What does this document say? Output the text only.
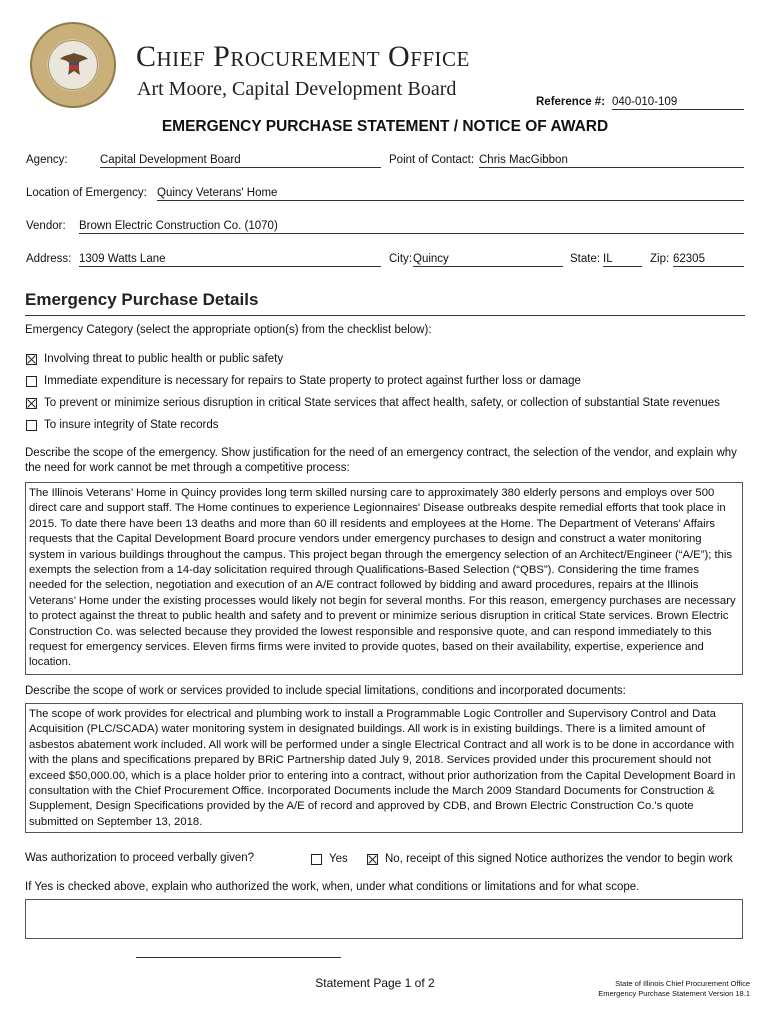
Chief Procurement Office
Art Moore, Capital Development Board
Reference #: 040-010-109
EMERGENCY PURCHASE STATEMENT / NOTICE OF AWARD
Agency:	Capital Development Board	Point of Contact: Chris MacGibbon
Location of Emergency: Quincy Veterans' Home
Vendor: Brown Electric Construction Co. (1070)
Address: 1309 Watts Lane	City: Quincy	State: IL	Zip: 62305
Emergency Purchase Details
Emergency Category (select the appropriate option(s) from the checklist below):
Involving threat to public health or public safety
Immediate expenditure is necessary for repairs to State property to protect against further loss or damage
To prevent or minimize serious disruption in critical State services that affect health, safety, or collection of substantial State revenues
To insure integrity of State records
Describe the scope of the emergency. Show justification for the need of an emergency contract, the selection of the vendor, and explain why the need for work cannot be met through a competitive process:
The Illinois Veterans’ Home in Quincy provides long term skilled nursing care to approximately 380 elderly persons and employs over 500 direct care and support staff. The Home continues to experience Legionnaires' Disease outbreaks despite remedial efforts that took place in 2015. To date there have been 13 deaths and more than 60 ill residents and employees at the Home. The Department of Veterans' Affairs requests that the Capital Development Board procure vendors under emergency purchases to design and construct a water monitoring system in various buildings throughout the campus. This project began through the emergency selection of an Architect/Engineer (“A/E”); this exempts the selection from a 14-day solicitation required through Qualifications-Based Selection (“QBS”). Considering the time frames needed for the selection, negotiation and execution of an A/E contract followed by bidding and award procedures, repairs at the Illinois Veterans’ Home under the existing processes would likely not begin for several months. For this reason, emergency purchases are necessary to protect against the threat to public health and safety and to prevent or minimize serious disruption in critical State services. Brown Electric Construction Co. was selected because they provided the lowest responsible and responsive quote, and can respond immediately to this request for emergency services. Eleven firms firms were invited to provide quotes, based on their availability, expertise, experience and location.
Describe the scope of work or services provided to include special limitations, conditions and incorporated documents:
The scope of work provides for electrical and plumbing work to install a Programmable Logic Controller and Supervisory Control and Data Acquisition (PLC/SCADA) water monitoring system in designated buildings. All work is in existing buildings. There is a limited amount of asbestos abatement work included. All work will be performed under a single Electrical Contract and all work is to be done in accordance with with the plans and specifications prepared by BRiC Partnership dated July 9, 2018. Services provided under this procurement should not exceed $50,000.00, which is a place holder prior to entering into a contract, without prior authorization from the Capital Development Board in consultation with the Chief Procurement Office. Incorporated Documents include the March 2009 Standard Documents for Construction & Supplement, Design Specifications provided by the A/E of record and approved by CDB, and Brown Electric Construction Co.'s quote submitted on September 13, 2018.
Was authorization to proceed verbally given?	Yes	No, receipt of this signed Notice authorizes the vendor to begin work
If Yes is checked above, explain who authorized the work, when, under what conditions or limitations and for what scope.
Statement Page 1 of 2	State of Illinois Chief Procurement Office
Emergency Purchase Statement Version 18.1
